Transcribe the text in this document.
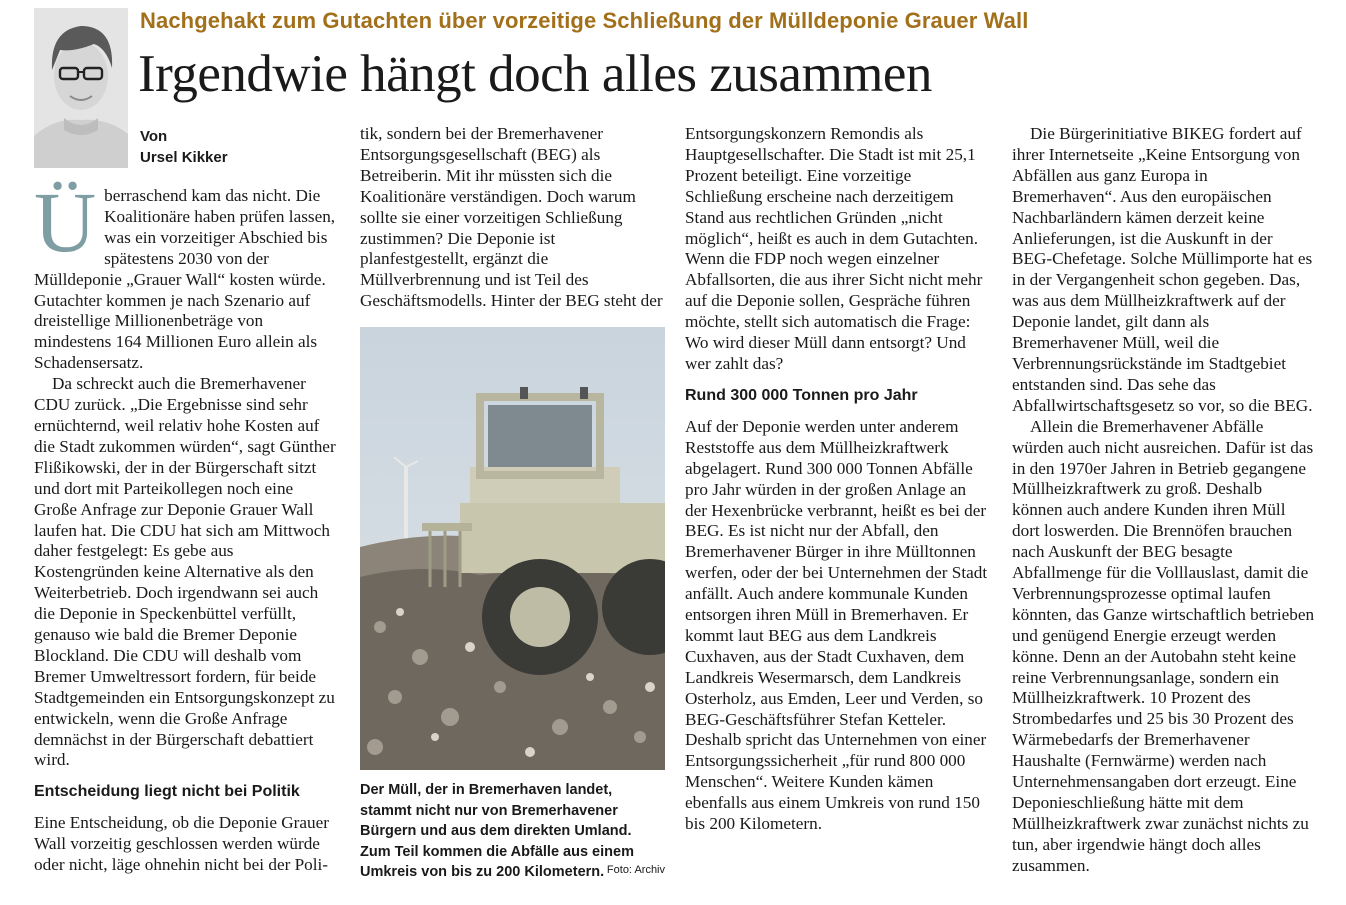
Nachgehakt zum Gutachten über vorzeitige Schließung der Mülldeponie Grauer Wall
Irgendwie hängt doch alles zusammen
Von
Ursel Kikker
Ü berraschend kam das nicht. Die Koalitionäre haben prüfen lassen, was ein vorzeitiger Abschied bis spätestens 2030 von der Mülldeponie „Grauer Wall“ kosten würde. Gutachter kommen je nach Szenario auf dreistellige Millionenbeträge von mindestens 164 Millionen Euro allein als Schadensersatz.

Da schreckt auch die Bremerhavener CDU zurück. „Die Ergebnisse sind sehr ernüchternd, weil relativ hohe Kosten auf die Stadt zukommen würden“, sagt Günther Flißikowski, der in der Bürgerschaft sitzt und dort mit Parteikollegen noch eine Große Anfrage zur Deponie Grauer Wall laufen hat. Die CDU hat sich am Mittwoch daher festgelegt: Es gebe aus Kostengründen keine Alternative als den Weiterbetrieb. Doch irgendwann sei auch die Deponie in Speckenbüttel verfüllt, genauso wie bald die Bremer Deponie Blockland. Die CDU will deshalb vom Bremer Umweltressort fordern, für beide Stadtgemeinden ein Entsorgungskonzept zu entwickeln, wenn die Große Anfrage demnächst in der Bürgerschaft debattiert wird.

Entscheidung liegt nicht bei Politik

Eine Entscheidung, ob die Deponie Grauer Wall vorzeitig geschlossen werden würde oder nicht, läge ohnehin nicht bei der Poli-

tik, sondern bei der Bremerhavener Entsorgungsgesellschaft (BEG) als Betreiberin. Mit ihr müssten sich die Koalitionäre verständigen. Doch warum sollte sie einer vorzeitigen Schließung zustimmen? Die Deponie ist planfestgestellt, ergänzt die Müllverbrennung und ist Teil des Geschäftsmodells. Hinter der BEG steht der

Der Müll, der in Bremerhaven landet, stammt nicht nur von Bremerhavener Bürgern und aus dem direkten Umland. Zum Teil kommen die Abfälle aus einem Umkreis von bis zu 200 Kilometern. Foto: Archiv

Entsorgungskonzern Remondis als Hauptgesellschafter. Die Stadt ist mit 25,1 Prozent beteiligt. Eine vorzeitige Schließung erscheine nach derzeitigem Stand aus rechtlichen Gründen „nicht möglich“, heißt es auch in dem Gutachten. Wenn die FDP noch wegen einzelner Abfallsorten, die aus ihrer Sicht nicht mehr auf die Deponie sollen, Gespräche führen möchte, stellt sich automatisch die Frage: Wo wird dieser Müll dann entsorgt? Und wer zahlt das?

Rund 300 000 Tonnen pro Jahr

Auf der Deponie werden unter anderem Reststoffe aus dem Müllheizkraftwerk abgelagert. Rund 300 000 Tonnen Abfälle pro Jahr würden in der großen Anlage an der Hexenbrücke verbrannt, heißt es bei der BEG. Es ist nicht nur der Abfall, den Bremerhavener Bürger in ihre Mülltonnen werfen, oder der bei Unternehmen der Stadt anfällt. Auch andere kommunale Kunden entsorgen ihren Müll in Bremerhaven. Er kommt laut BEG aus dem Landkreis Cuxhaven, aus der Stadt Cuxhaven, dem Landkreis Wesermarsch, dem Landkreis Osterholz, aus Emden, Leer und Verden, so BEG-Geschäftsführer Stefan Ketteler. Deshalb spricht das Unternehmen von einer Entsorgungssicherheit „für rund 800 000 Menschen“. Weitere Kunden kämen ebenfalls aus einem Umkreis von rund 150 bis 200 Kilometern.

Die Bürgerinitiative BIKEG fordert auf ihrer Internetseite „Keine Entsorgung von Abfällen aus ganz Europa in Bremerhaven“. Aus den europäischen Nachbarländern kämen derzeit keine Anlieferungen, ist die Auskunft in der BEG-Chefetage. Solche Müllimporte hat es in der Vergangenheit schon gegeben. Das, was aus dem Müllheizkraftwerk auf der Deponie landet, gilt dann als Bremerhavener Müll, weil die Verbrennungsrückstände im Stadtgebiet entstanden sind. Das sehe das Abfallwirtschaftsgesetz so vor, so die BEG.

Allein die Bremerhavener Abfälle würden auch nicht ausreichen. Dafür ist das in den 1970er Jahren in Betrieb gegangene Müllheizkraftwerk zu groß. Deshalb können auch andere Kunden ihren Müll dort loswerden. Die Brennöfen brauchen nach Auskunft der BEG besagte Abfallmenge für die Volllauslast, damit die Verbrennungsprozesse optimal laufen könnten, das Ganze wirtschaftlich betrieben und genügend Energie erzeugt werden könne. Denn an der Autobahn steht keine reine Verbrennungsanlage, sondern ein Müllheizkraftwerk. 10 Prozent des Strombedarfes und 25 bis 30 Prozent des Wärmebedarfs der Bremerhavener Haushalte (Fernwärme) werden nach Unternehmensangaben dort erzeugt. Eine Deponieschließung hätte mit dem Müllheizkraftwerk zwar zunächst nichts zu tun, aber irgendwie hängt doch alles zusammen.
